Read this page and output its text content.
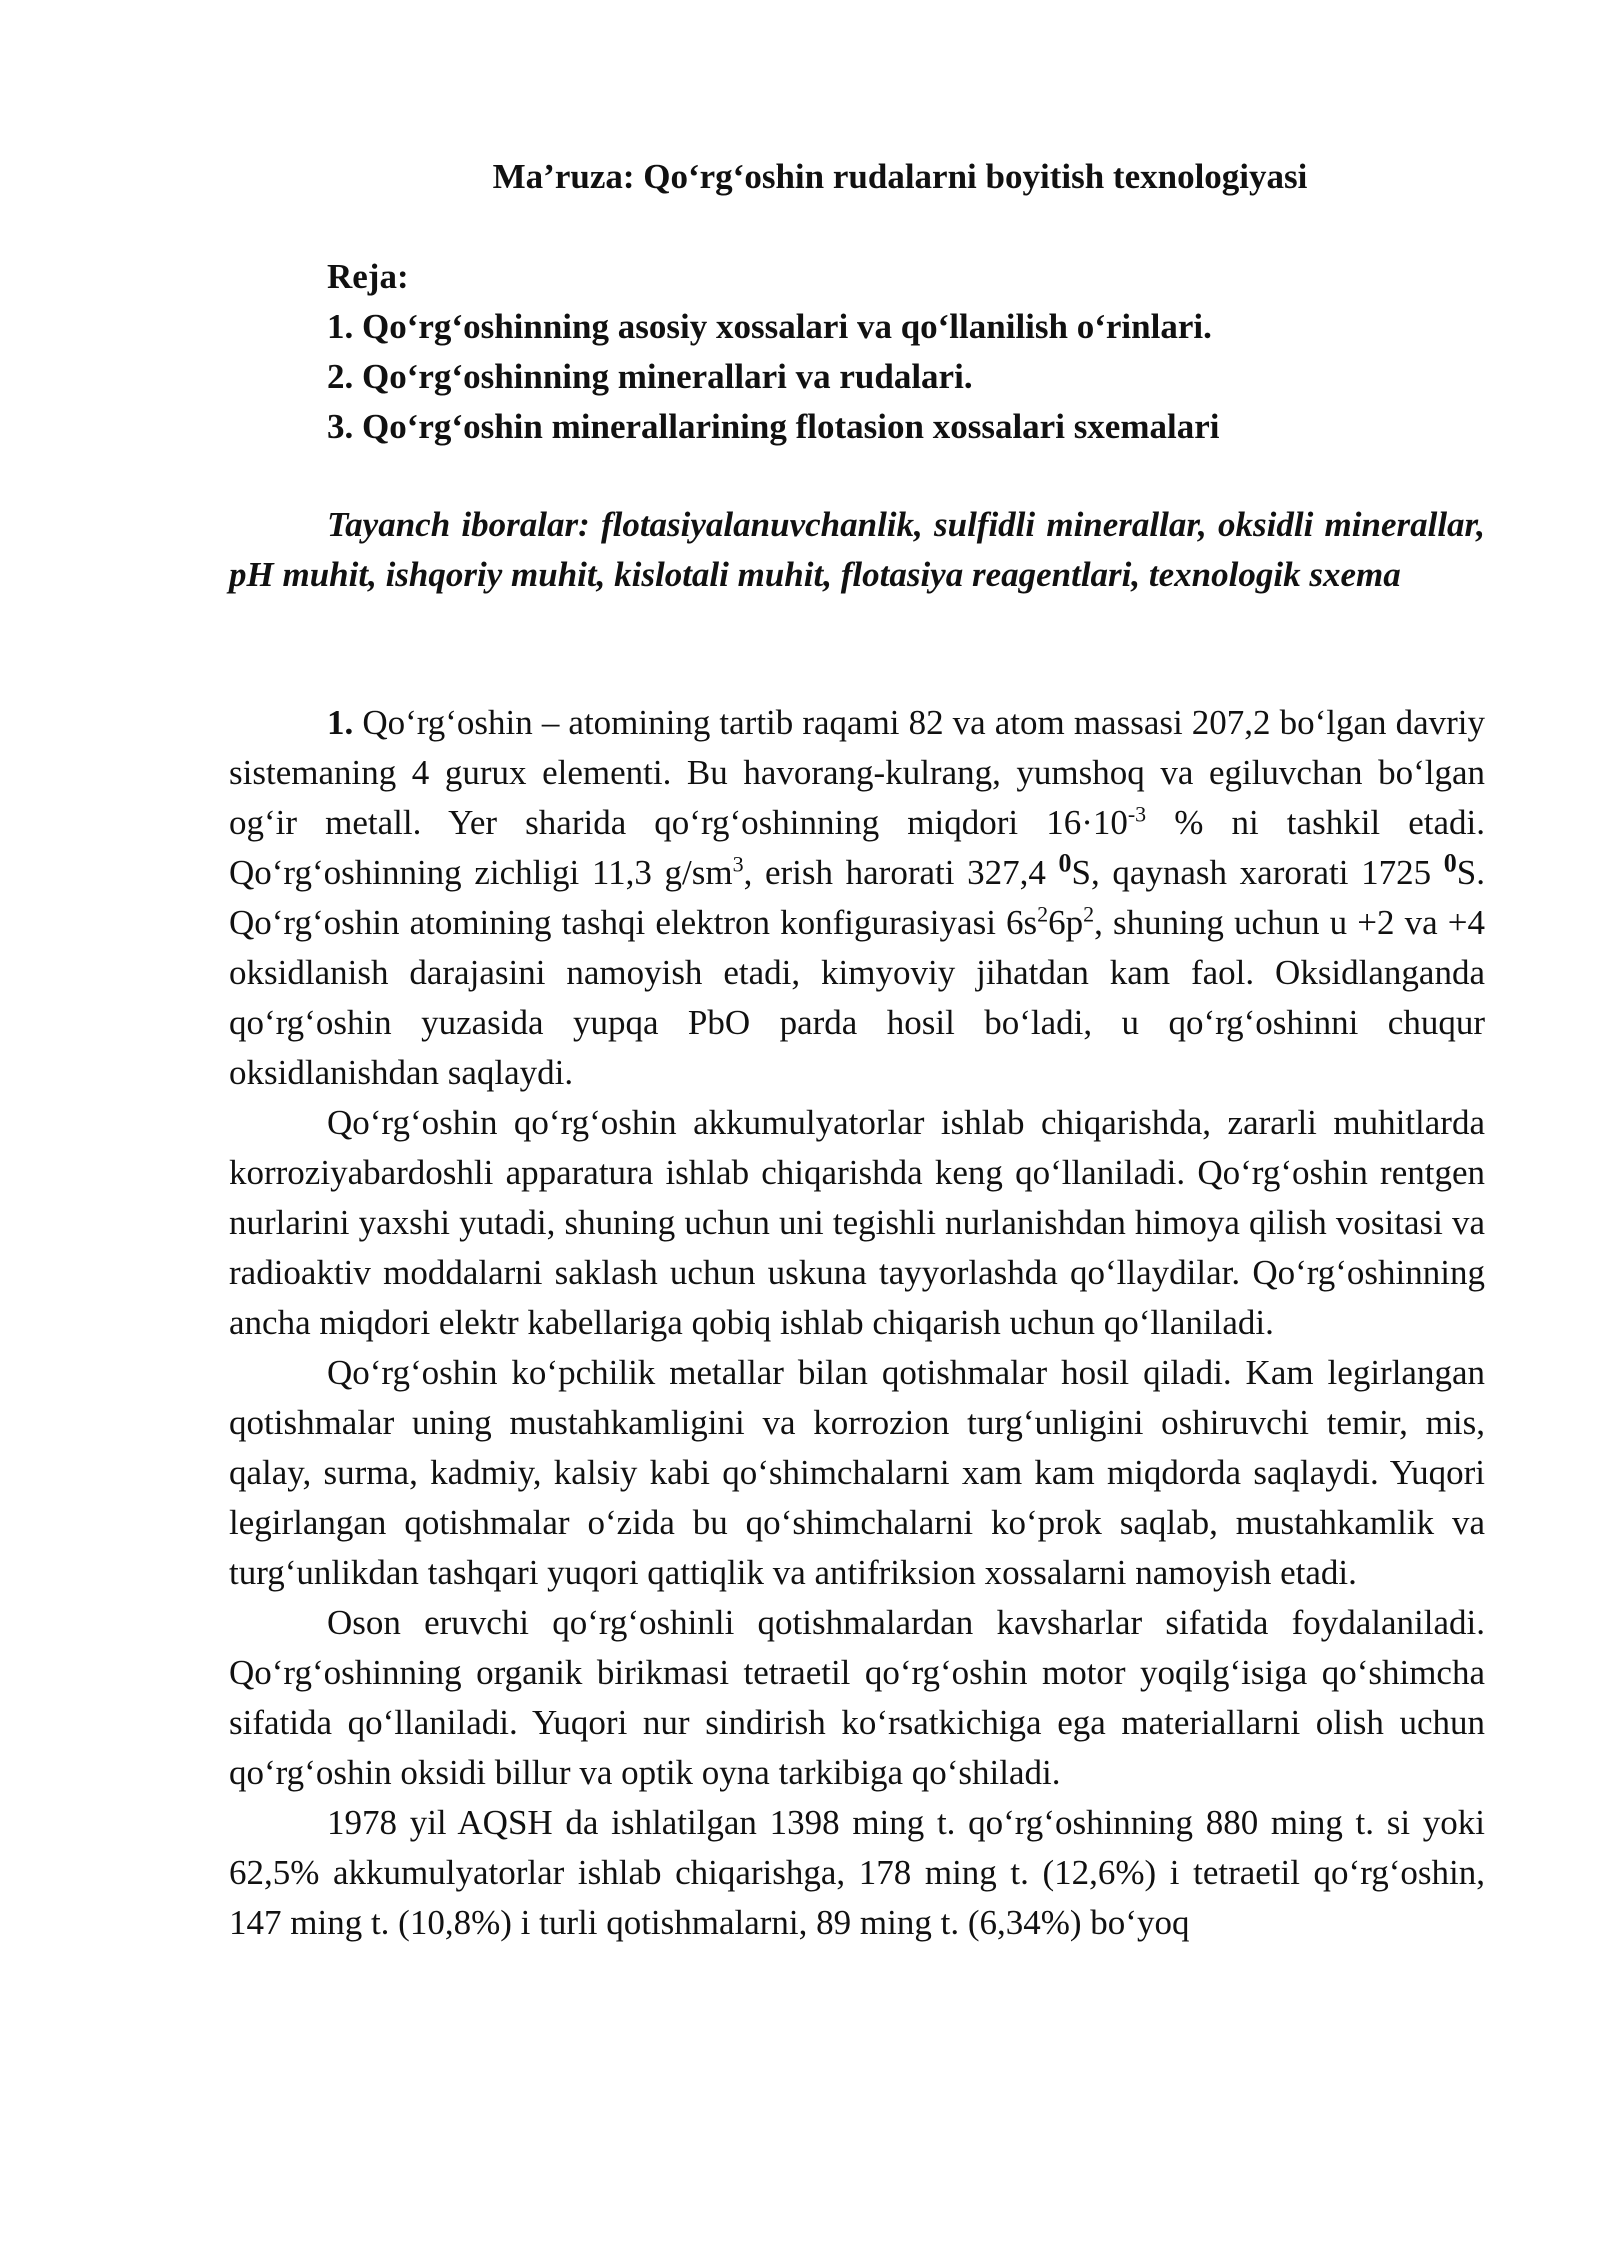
Ma’ruza: Qo‘rg‘oshin rudalarni boyitish texnologiyasi
Reja:
1. Qo‘rg‘oshinning asosiy xossalari va qo‘llanilish o‘rinlari.
2. Qo‘rg‘oshinning minerallari va rudalari.
3. Qo‘rg‘oshin minerallarining flotasion xossalari sxemalari

Tayanch iboralar: flotasiyalanuvchanlik, sulfidli minerallar, oksidli minerallar, pH muhit, ishqoriy muhit, kislotali muhit, flotasiya reagentlari, texnologik sxema

1. Qo‘rg‘oshin – atomining tartib raqami 82 va atom massasi 207,2 bo‘lgan davriy sistemaning 4 gurux elementi. Bu havorang-kulrang, yumshoq va egiluvchan bo‘lgan og‘ir metall. Yer sharida qo‘rg‘oshinning miqdori $16\cdot 10^{-3}$ % ni tashkil etadi. Qo‘rg‘oshinning zichligi 11,3 $g/sm^3$, erish harorati 327,4 $^0$S, qaynash xarorati 1725 $^0$S. Qo‘rg‘oshin atomining tashqi elektron konfigurasiyasi $6s^26p^2$, shuning uchun u +2 va +4 oksidlanish darajasini namoyish etadi, kimyoviy jihatdan kam faol. Oksidlanganda qo‘rg‘oshin yuzasida yupqa PbO parda hosil bo‘ladi, u qo‘rg‘oshinni chuqur oksidlanishdan saqlaydi.

Qo‘rg‘oshin qo‘rg‘oshin akkumulyatorlar ishlab chiqarishda, zararli muhitlarda korroziyabardoshli apparatura ishlab chiqarishda keng qo‘llaniladi. Qo‘rg‘oshin rentgen nurlarini yaxshi yutadi, shuning uchun uni tegishli nurlanishdan himoya qilish vositasi va radioaktiv moddalarni saklash uchun uskuna tayyorlashda qo‘llaydilar. Qo‘rg‘oshinning ancha miqdori elektr kabellariga qobiq ishlab chiqarish uchun qo‘llaniladi.

Qo‘rg‘oshin ko‘pchilik metallar bilan qotishmalar hosil qiladi. Kam legirlangan qotishmalar uning mustahkamligini va korrozion turg‘unligini oshiruvchi temir, mis, qalay, surma, kadmiy, kalsiy kabi qo‘shimchalarni xam kam miqdorda saqlaydi. Yuqori legirlangan qotishmalar o‘zida bu qo‘shimchalarni ko‘prok saqlab, mustahkamlik va turg‘unlikdan tashqari yuqori qattiqlik va antifriksion xossalarni namoyish etadi.

Oson eruvchi qo‘rg‘oshinli qotishmalardan kavsharlar sifatida foydalaniladi. Qo‘rg‘oshinning organik birikmasi tetraetil qo‘rg‘oshin motor yoqilg‘isiga qo‘shimcha sifatida qo‘llaniladi. Yuqori nur sindirish ko‘rsatkichiga ega materiallarni olish uchun qo‘rg‘oshin oksidi billur va optik oyna tarkibiga qo‘shiladi.

1978 yil AQSH da ishlatilgan 1398 ming t. qo‘rg‘oshinning 880 ming t. si yoki 62,5% akkumulyatorlar ishlab chiqarishga, 178 ming t. (12,6%) i tetraetil qo‘rg‘oshin, 147 ming t. (10,8%) i turli qotishmalarni, 89 ming t. (6,34%) bo‘yoq
